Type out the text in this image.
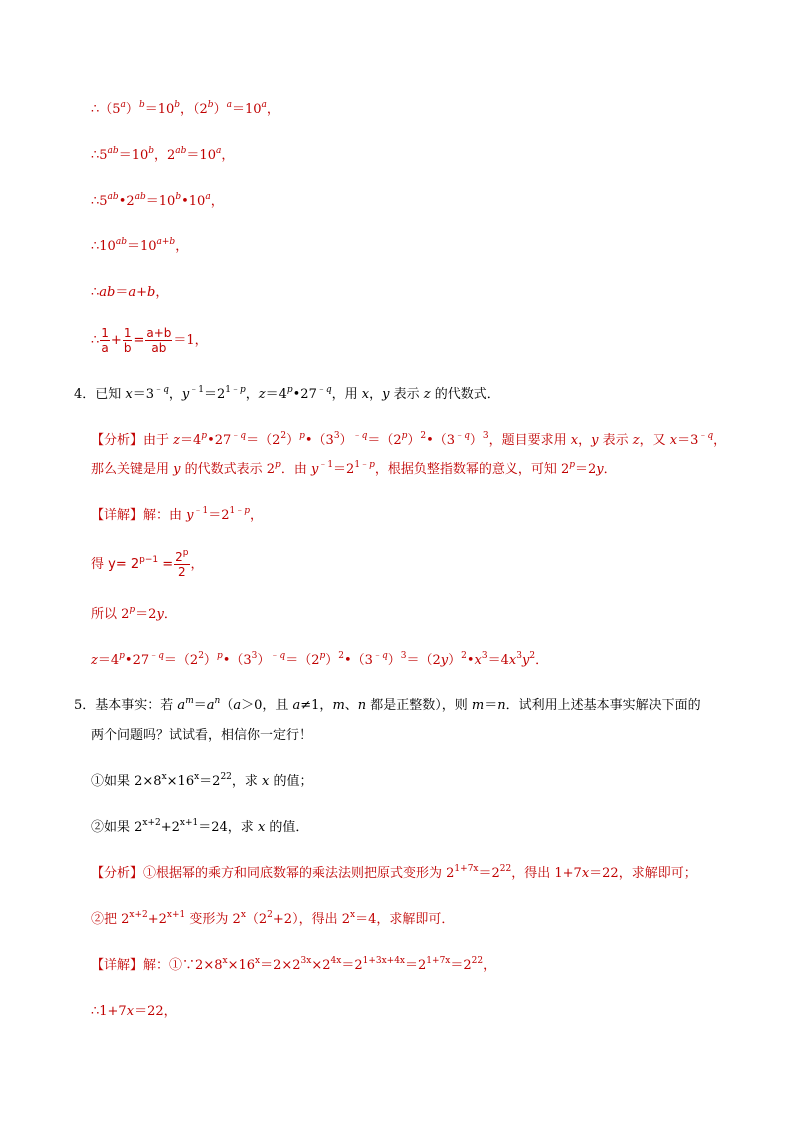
$\therefore(5^a)^b=10^b$，$(2^b)^a=10^a$，
$\therefore 5^{ab}=10^b$，$2^{ab}=10^a$，
$\therefore 5^{ab}•2^{ab}=10^b•10^a$，
$\therefore 10^{ab}=10^{a+b}$，
∴ab＝a+b，
∴ $\frac{1}{a} + \frac{1}{b} = \frac{a+b}{ab} =1$，
4．已知 $x=3^{﹣q}$，$y^{﹣1}=2^{1﹣p}$，$z=4^p•27^{﹣q}$，用 x，y 表示 z 的代数式．
【分析】由于 $z=4^p•27^{﹣q}=(2^2)^p•(3^3)^{﹣q}=(2^p)^2•(3^{﹣q})^3$，题目要求用 x，y 表示 z，又 $x=3^{﹣q}$，
那么关键是用 y 的代数式表示 2$^p$．由 $y^{﹣1}=2^{1﹣p}$，根据负整指数幂的意义，可知 $2^p=2y$．
【详解】解：由 $y^{﹣1}=2^{1﹣p}$，
得 $y= 2^{p-1} = \frac{2^p}{2}$ ，
所以 $2^p=2y$．
$z=4^p•27^{﹣q}=(2^2)^p•(3^3)^{﹣q}=(2^p)^2•(3^{﹣q})^3=(2y)^2•x^3=4x^3y^2$．
5．基本事实：若 $a^m=a^n(a>0$，且 a≠1，m、n 都是正整数），则 m＝n．试利用上述基本事实解决下面的
两个问题吗？试试看，相信你一定行！
①如果 $2\times 8^x\times 16^x=2^{22}$，求 x 的值；
②如果 $2^{x+2}+2^{x+1}=24$，求 x 的值．
【分析】①根据幂的乘方和同底数幂的乘法法则把原式变形为 $2^{1+7x}=2^{22}$，得出 1+7x＝22，求解即可；
②把 $2^{x+2}+2^{x+1}$ 变形为 $2^x(2^2+2)$，得出 $2^x=4$，求解即可．
【详解】解：$①\because 2\times 8^x\times 16^x=2\times 2^{3x}\times 2^{4x}=2^{1+3x+4x}=2^{1+7x}=2^{22}$，
∴1+7x＝22，
